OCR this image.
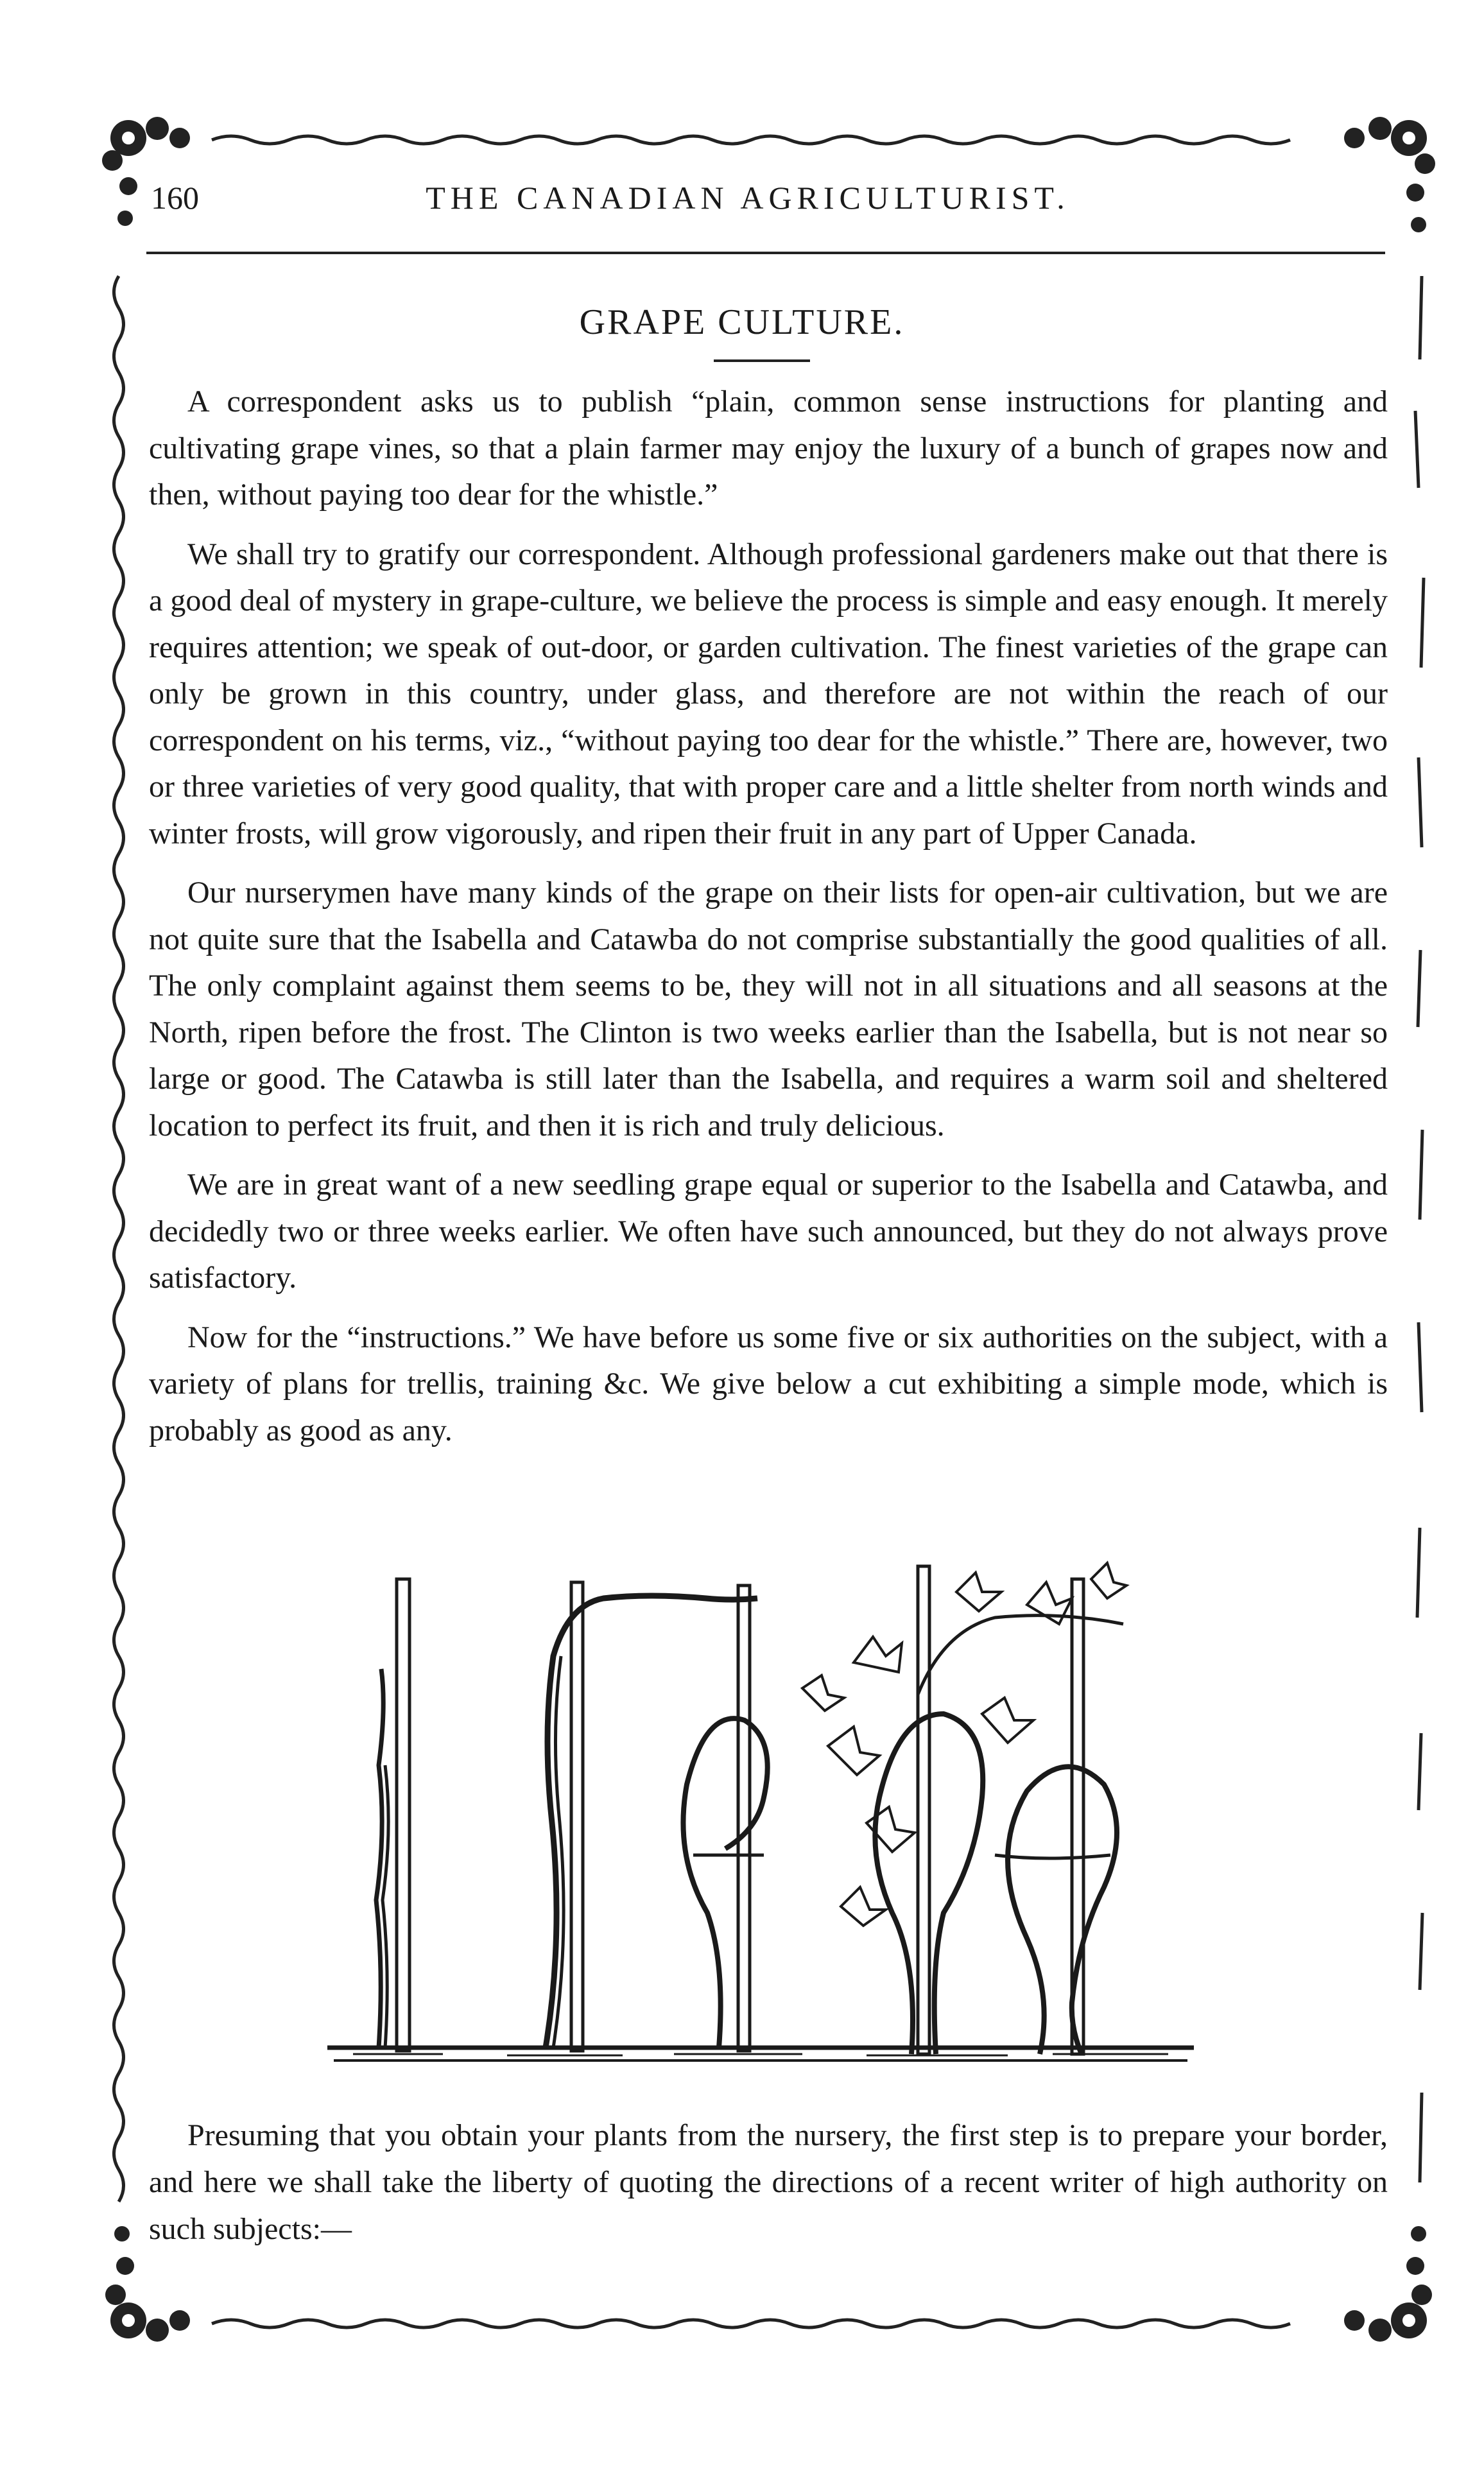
160	THE CANADIAN AGRICULTURIST.
GRAPE CULTURE.

A correspondent asks us to publish “plain, common sense instructions for planting and cultivating grape vines, so that a plain farmer may enjoy the luxury of a bunch of grapes now and then, without paying too dear for the whistle.”

We shall try to gratify our correspondent. Although professional gardeners make out that there is a good deal of mystery in grape-culture, we believe the process is simple and easy enough. It merely requires attention; we speak of out-door, or garden cultivation. The finest varieties of the grape can only be grown in this country, under glass, and therefore are not within the reach of our correspondent on his terms, viz., “without paying too dear for the whistle.” There are, however, two or three varieties of very good quality, that with proper care and a little shelter from north winds and winter frosts, will grow vigorously, and ripen their fruit in any part of Upper Canada.

Our nurserymen have many kinds of the grape on their lists for open-air cultivation, but we are not quite sure that the Isabella and Catawba do not comprise substantially the good qualities of all. The only complaint against them seems to be, they will not in all situations and all seasons at the North, ripen before the frost. The Clinton is two weeks earlier than the Isabella, but is not near so large or good. The Catawba is still later than the Isabella, and requires a warm soil and sheltered location to perfect its fruit, and then it is rich and truly delicious.

We are in great want of a new seedling grape equal or superior to the Isabella and Catawba, and decidedly two or three weeks earlier. We often have such announced, but they do not always prove satisfactory.

Now for the “instructions.” We have before us some five or six authorities on the subject, with a variety of plans for trellis, training &c. We give below a cut exhibiting a simple mode, which is probably as good as any.

Presuming that you obtain your plants from the nursery, the first step is to prepare your border, and here we shall take the liberty of quoting the directions of a recent writer of high authority on such subjects:—
